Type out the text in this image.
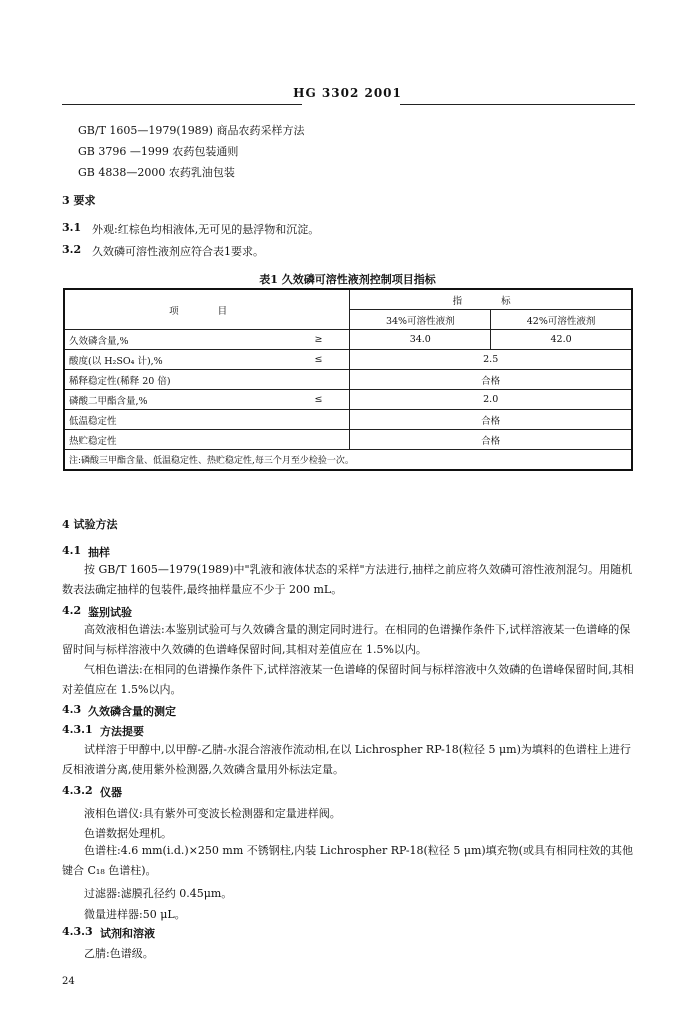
HG 3302 2001
GB/T 1605—1979(1989) 商品农药采样方法
GB 3796 —1999 农药包装通则
GB 4838—2000 农药乳油包装
3 要求
3.1 外观:红棕色均相液体,无可见的悬浮物和沉淀。
3.2 久效磷可溶性液剂应符合表1要求。
表1 久效磷可溶性液剂控制项目指标
项 目		指 标	
		34%可溶性液剂	42%可溶性液剂
久效磷含量,%	≥	34.0	42.0
酸度(以 H₂SO₄ 计),%	≤	2.5	
稀释稳定性(稀释 20 倍)		合格	
磷酸二甲酯含量,%	≤	2.0	
低温稳定性		合格	
热贮稳定性		合格	
注:磷酸三甲酯含量、低温稳定性、热贮稳定性,每三个月至少检验一次。			
4 试验方法
4.1 抽样
按 GB/T 1605—1979(1989)中"乳液和液体状态的采样"方法进行,抽样之前应将久效磷可溶性液剂混匀。用随机数表法确定抽样的包装件,最终抽样量应不少于 200 mL。
4.2 鉴别试验
高效液相色谱法:本鉴别试验可与久效磷含量的测定同时进行。在相同的色谱操作条件下,试样溶液某一色谱峰的保留时间与标样溶液中久效磷的色谱峰保留时间,其相对差值应在 1.5%以内。
气相色谱法:在相同的色谱操作条件下,试样溶液某一色谱峰的保留时间与标样溶液中久效磷的色谱峰保留时间,其相对差值应在 1.5%以内。
4.3 久效磷含量的测定
4.3.1 方法提要
试样溶于甲醇中,以甲醇-乙腈-水混合溶液作流动相,在以 Lichrospher RP-18(粒径 5 μm)为填料的色谱柱上进行反相液谱分离,使用紫外检测器,久效磷含量用外标法定量。
4.3.2 仪器
液相色谱仪:具有紫外可变波长检测器和定量进样阀。
色谱数据处理机。
色谱柱:4.6 mm(i.d.)×250 mm 不锈钢柱,内装 Lichrospher RP-18(粒径 5 μm)填充物(或具有相同柱效的其他键合 C₁₈ 色谱柱)。
过滤器:滤膜孔径约 0.45μm。
微量进样器:50 μL。
4.3.3 试剂和溶液
乙腈:色谱级。
24
